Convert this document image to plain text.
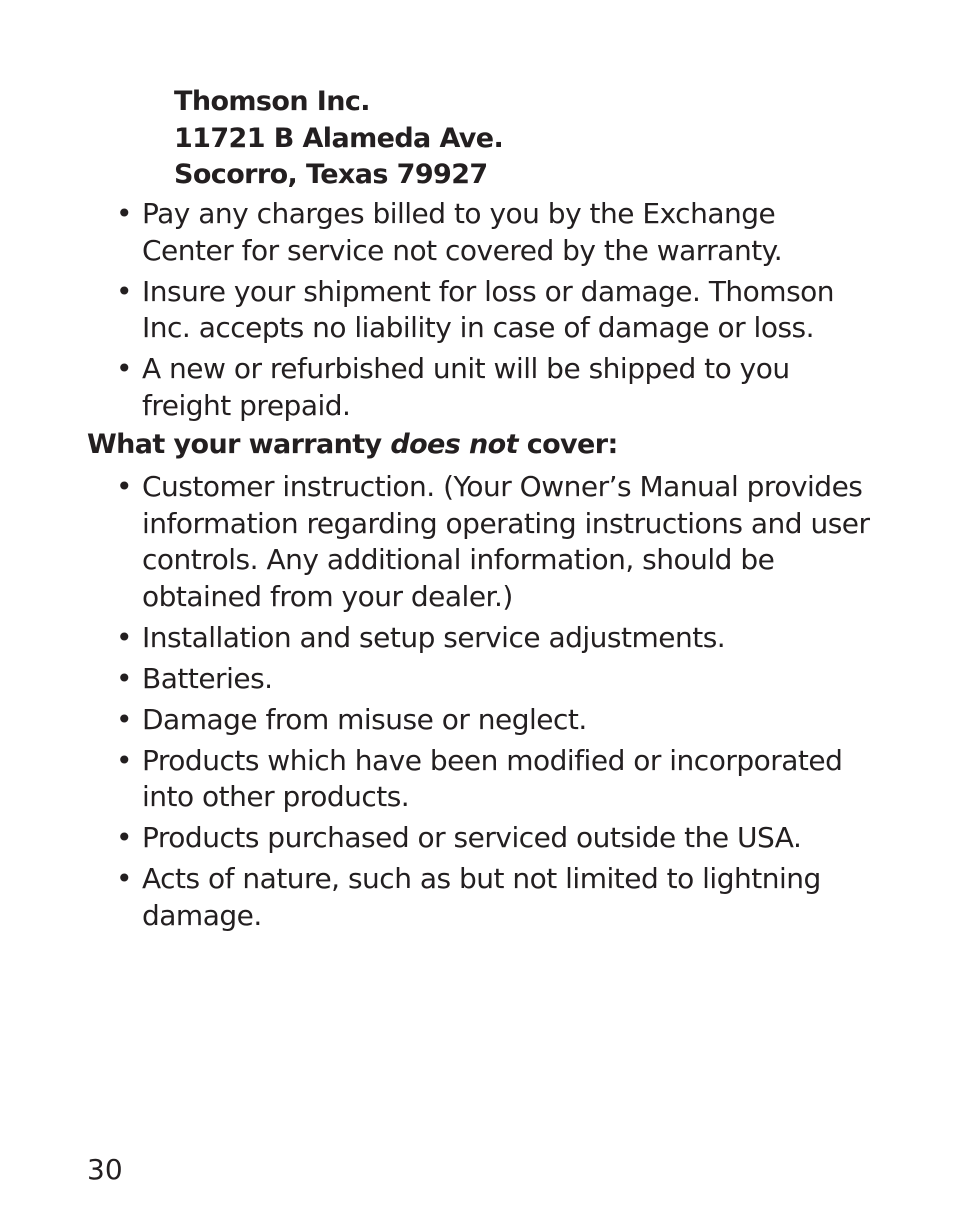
Thomson Inc.
11721 B Alameda Ave.
Socorro, Texas 79927
• Pay any charges billed to you by the Exchange Center for service not covered by the warranty.
• Insure your shipment for loss or damage. Thomson Inc. accepts no liability in case of damage or loss.
• A new or refurbished unit will be shipped to you freight prepaid.
What your warranty does not cover:
• Customer instruction. (Your Owner’s Manual provides information regarding operating instructions and user controls. Any additional information, should be obtained from your dealer.)
• Installation and setup service adjustments.
• Batteries.
• Damage from misuse or neglect.
• Products which have been modified or incorporated into other products.
• Products purchased or serviced outside the USA.
• Acts of nature, such as but not limited to lightning damage.
30
